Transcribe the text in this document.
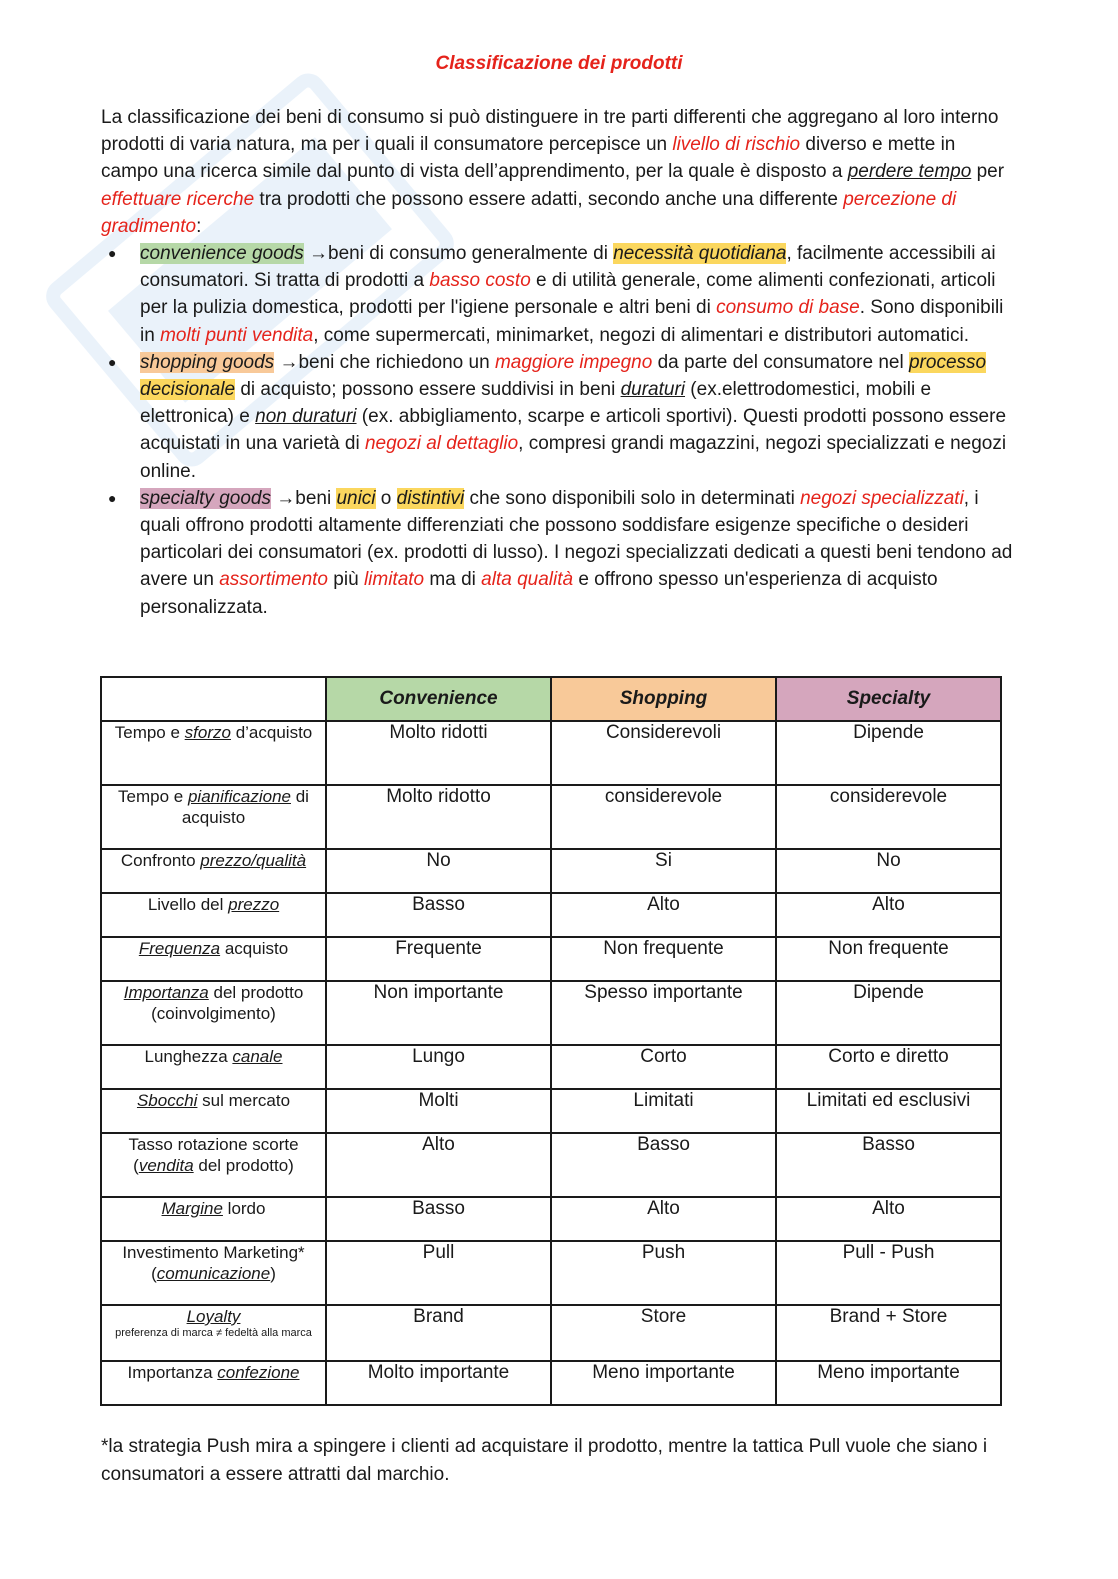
Classificazione dei prodotti

La classificazione dei beni di consumo si può distinguere in tre parti differenti che aggregano al loro interno prodotti di varia natura, ma per i quali il consumatore percepisce un livello di rischio diverso e mette in campo una ricerca simile dal punto di vista dell’apprendimento, per la quale è disposto a perdere tempo per effettuare ricerche tra prodotti che possono essere adatti, secondo anche una differente percezione di gradimento:

● convenience goods →beni di consumo generalmente di necessità quotidiana, facilmente accessibili ai consumatori. Si tratta di prodotti a basso costo e di utilità generale, come alimenti confezionati, articoli per la pulizia domestica, prodotti per l'igiene personale e altri beni di consumo di base. Sono disponibili in molti punti vendita, come supermercati, minimarket, negozi di alimentari e distributori automatici.
● shopping goods →beni che richiedono un maggiore impegno da parte del consumatore nel processo decisionale di acquisto; possono essere suddivisi in beni duraturi (ex.elettrodomestici, mobili e elettronica) e non duraturi (ex. abbigliamento, scarpe e articoli sportivi). Questi prodotti possono essere acquistati in una varietà di negozi al dettaglio, compresi grandi magazzini, negozi specializzati e negozi online.
● specialty goods →beni unici o distintivi che sono disponibili solo in determinati negozi specializzati, i quali offrono prodotti altamente differenziati che possono soddisfare esigenze specifiche o desideri particolari dei consumatori (ex. prodotti di lusso). I negozi specializzati dedicati a questi beni tendono ad avere un assortimento più limitato ma di alta qualità e offrono spesso un'esperienza di acquisto personalizzata.
	Convenience	Shopping	Specialty
Tempo e sforzo d’acquisto	Molto ridotti	Considerevoli	Dipende
Tempo e pianificazione di acquisto	Molto ridotto	considerevole	considerevole
Confronto prezzo/qualità	No	Si	No
Livello del prezzo	Basso	Alto	Alto
Frequenza acquisto	Frequente	Non frequente	Non frequente
Importanza del prodotto (coinvolgimento)	Non importante	Spesso importante	Dipende
Lunghezza canale	Lungo	Corto	Corto e diretto
Sbocchi sul mercato	Molti	Limitati	Limitati ed esclusivi
Tasso rotazione scorte (vendita del prodotto)	Alto	Basso	Basso
Margine lordo	Basso	Alto	Alto
Investimento Marketing* (comunicazione)	Pull	Push	Pull - Push
Loyalty
preferenza di marca ≠ fedeltà alla marca	Brand	Store	Brand + Store
Importanza confezione	Molto importante	Meno importante	Meno importante
*la strategia Push mira a spingere i clienti ad acquistare il prodotto, mentre la tattica Pull vuole che siano i consumatori a essere attratti dal marchio.
